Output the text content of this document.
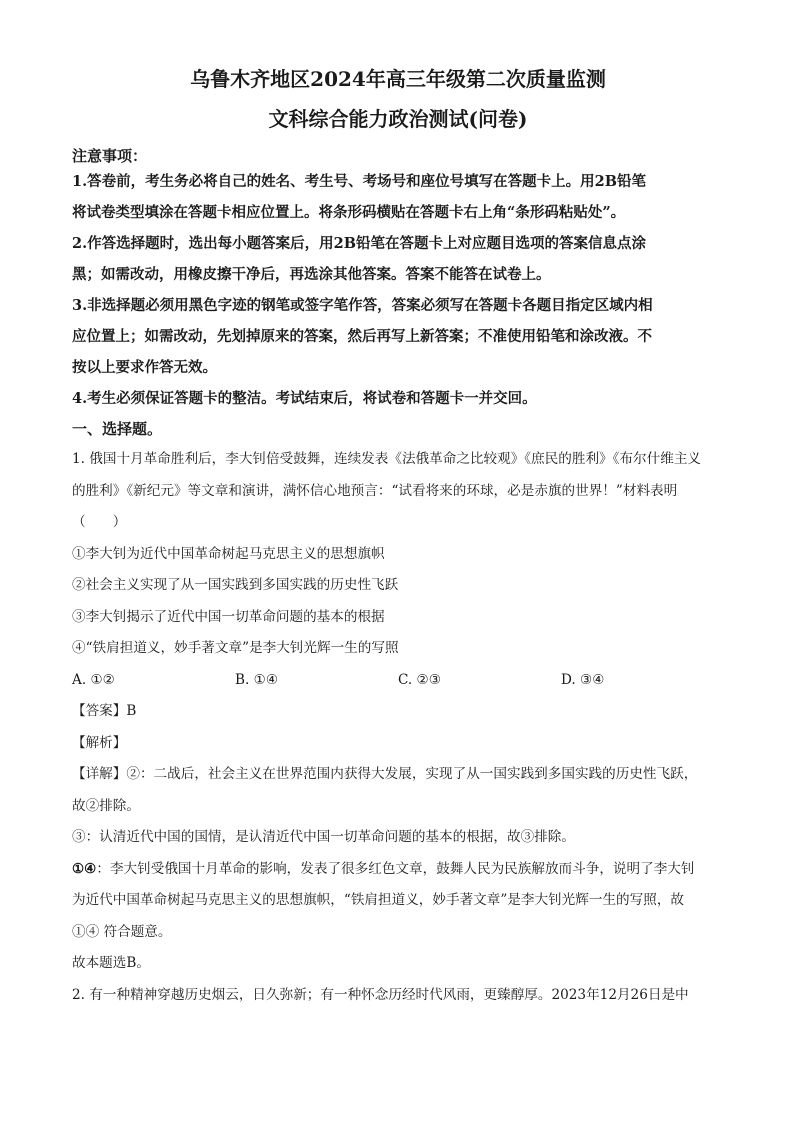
乌鲁木齐地区2024年高三年级第二次质量监测
文科综合能力政治测试(问卷)
注意事项：

1.答卷前，考生务必将自己的姓名、考生号、考场号和座位号填写在答题卡上。用2B铅笔

将试卷类型填涂在答题卡相应位置上。将条形码横贴在答题卡右上角“条形码粘贴处”。

2.作答选择题时，选出每小题答案后，用2B铅笔在答题卡上对应题目选项的答案信息点涂

黑；如需改动，用橡皮擦干净后，再选涂其他答案。答案不能答在试卷上。

3.非选择题必须用黑色字迹的钢笔或签字笔作答，答案必须写在答题卡各题目指定区域内相

应位置上；如需改动，先划掉原来的答案，然后再写上新答案；不准使用铅笔和涂改液。不

按以上要求作答无效。

4.考生必须保证答题卡的整洁。考试结束后，将试卷和答题卡一并交回。

一、选择题。

1. 俄国十月革命胜利后，李大钊倍受鼓舞，连续发表《法俄革命之比较观》《庶民的胜利》《布尔什维主义

的胜利》《新纪元》等文章和演讲，满怀信心地预言：“试看将来的环球，必是赤旗的世界！”材料表明

（　　）

①李大钊为近代中国革命树起马克思主义的思想旗帜

②社会主义实现了从一国实践到多国实践的历史性飞跃

③李大钊揭示了近代中国一切革命问题的基本的根据

④“铁肩担道义，妙手著文章”是李大钊光辉一生的写照

A. ①②	B. ①④	C. ②③	D. ③④

【答案】B

【解析】

【详解】②：二战后，社会主义在世界范围内获得大发展，实现了从一国实践到多国实践的历史性飞跃，

故②排除。

③：认清近代中国的国情，是认清近代中国一切革命问题的基本的根据，故③排除。

①④：李大钊受俄国十月革命的影响，发表了很多红色文章，鼓舞人民为民族解放而斗争，说明了李大钊

为近代中国革命树起马克思主义的思想旗帜，“铁肩担道义，妙手著文章”是李大钊光辉一生的写照，故

①④ 符合题意。

故本题选B。

2. 有一种精神穿越历史烟云，日久弥新；有一种怀念历经时代风雨，更臻醇厚。2023年12月26日是中
